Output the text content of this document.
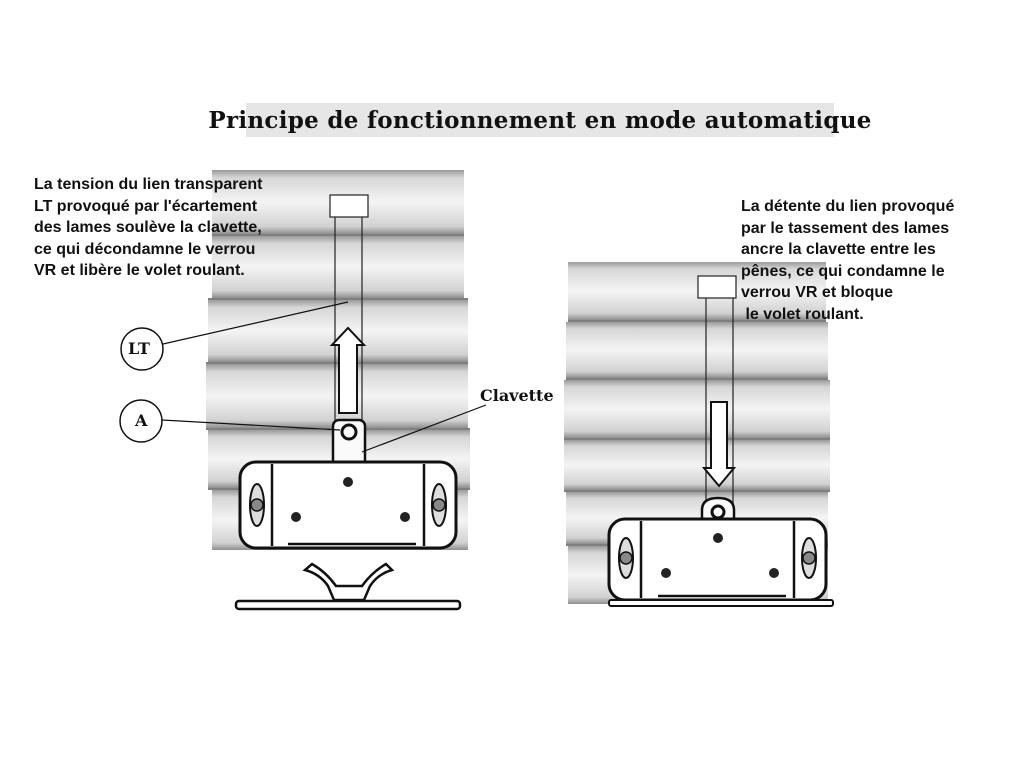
Principe de fonctionnement en mode automatique

La tension du lien transparent
LT provoqué par l'écartement
des lames soulève la clavette,
ce qui décondamne le verrou
VR et libère le volet roulant.

La détente du lien provoqué
par le tassement des lames
ancre la clavette entre les
pênes, ce qui condamne le
verrou VR et bloque
le volet roulant.

LT
A
Clavette
